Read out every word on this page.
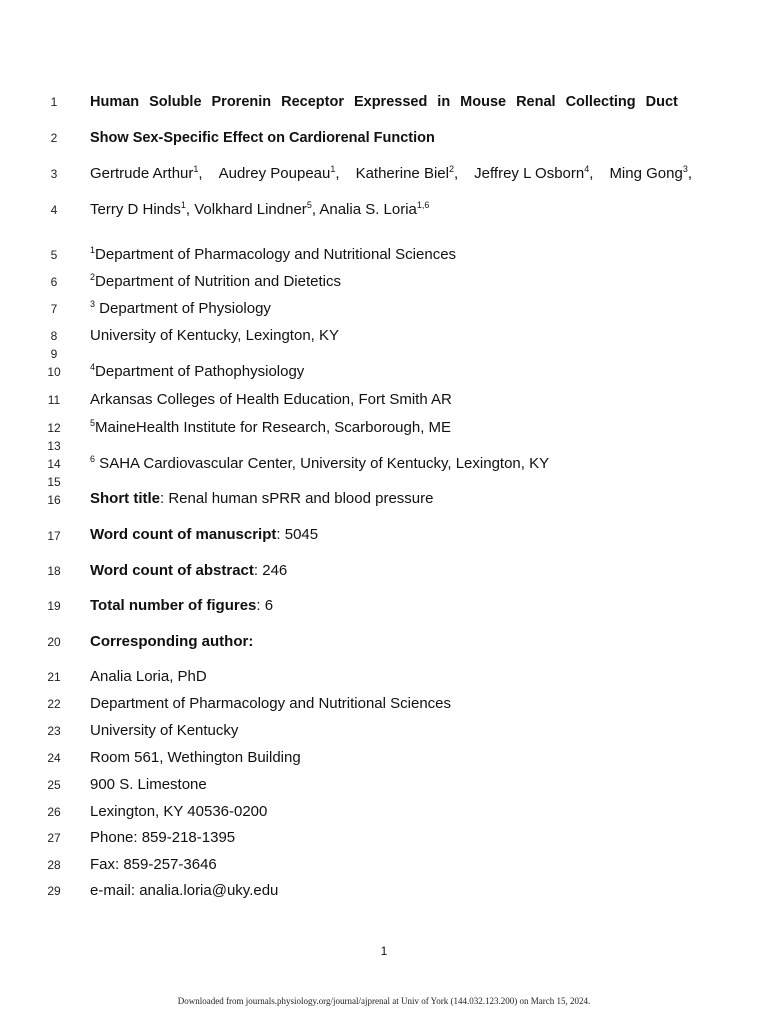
1
2
3
4
5
6
7
8
9
10
11
12
13
14
15
16
17
18
19
20
21
22
23
24
25
26
27
28
29
Human Soluble Prorenin Receptor Expressed in Mouse Renal Collecting Duct
Show Sex-Specific Effect on Cardiorenal Function
Gertrude Arthur$^1$, Audrey Poupeau$^1$, Katherine Biel$^2$, Jeffrey L Osborn$^4$, Ming Gong$^3$,
Terry D Hinds$^1$, Volkhard Lindner$^5$, Analia S. Loria$^{1,6}$
$^1$Department of Pharmacology and Nutritional Sciences
$^2$Department of Nutrition and Dietetics
$^3$ Department of Physiology
University of Kentucky, Lexington, KY
$^4$Department of Pathophysiology
Arkansas Colleges of Health Education, Fort Smith AR
$^5$MaineHealth Institute for Research, Scarborough, ME
$^6$ SAHA Cardiovascular Center, University of Kentucky, Lexington, KY
Short title: Renal human sPRR and blood pressure
Word count of manuscript: 5045
Word count of abstract: 246
Total number of figures: 6
Corresponding author:
Analia Loria, PhD
Department of Pharmacology and Nutritional Sciences
University of Kentucky
Room 561, Wethington Building
900 S. Limestone
Lexington, KY 40536-0200
Phone: 859-218-1395
Fax: 859-257-3646
e-mail: analia.loria@uky.edu
1
Downloaded from journals.physiology.org/journal/ajprenal at Univ of York (144.032.123.200) on March 15, 2024.
